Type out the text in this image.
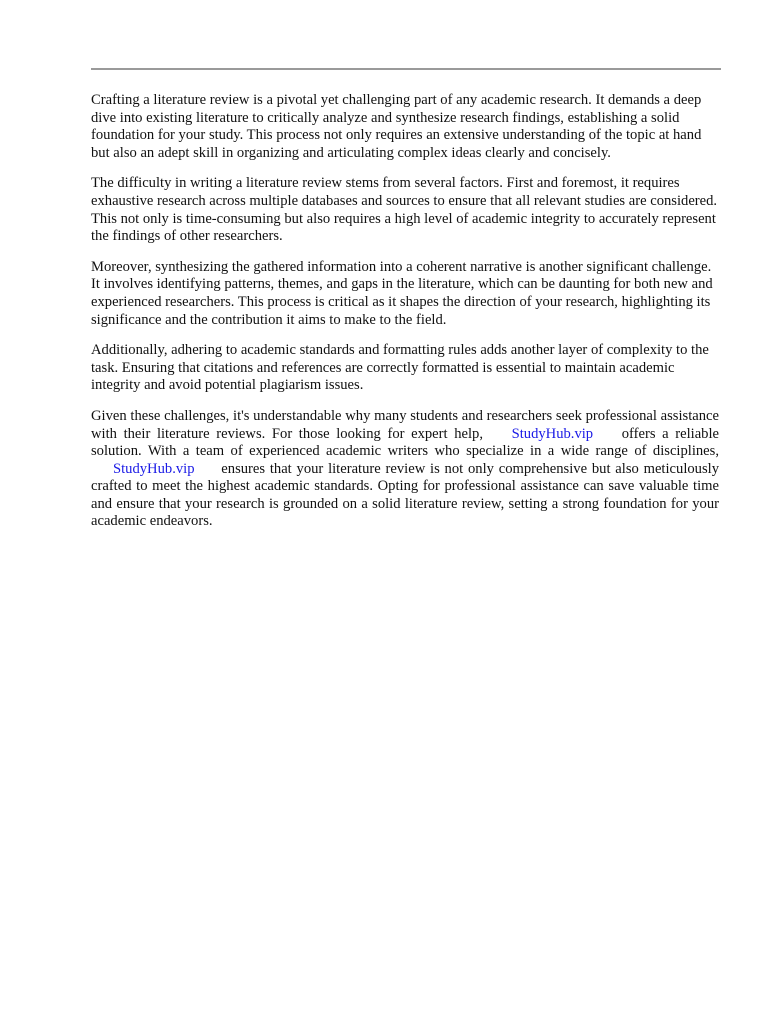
Crafting a literature review is a pivotal yet challenging part of any academic research. It demands a deep dive into existing literature to critically analyze and synthesize research findings, establishing a solid foundation for your study. This process not only requires an extensive understanding of the topic at hand but also an adept skill in organizing and articulating complex ideas clearly and concisely.

The difficulty in writing a literature review stems from several factors. First and foremost, it requires exhaustive research across multiple databases and sources to ensure that all relevant studies are considered. This not only is time-consuming but also requires a high level of academic integrity to accurately represent the findings of other researchers.

Moreover, synthesizing the gathered information into a coherent narrative is another significant challenge. It involves identifying patterns, themes, and gaps in the literature, which can be daunting for both new and experienced researchers. This process is critical as it shapes the direction of your research, highlighting its significance and the contribution it aims to make to the field.

Additionally, adhering to academic standards and formatting rules adds another layer of complexity to the task. Ensuring that citations and references are correctly formatted is essential to maintain academic integrity and avoid potential plagiarism issues.

Given these challenges, it's understandable why many students and researchers seek professional assistance with their literature reviews. For those looking for expert help, StudyHub.vip offers a reliable solution. With a team of experienced academic writers who specialize in a wide range of disciplines, StudyHub.vip ensures that your literature review is not only comprehensive but also meticulously crafted to meet the highest academic standards. Opting for professional assistance can save valuable time and ensure that your research is grounded on a solid literature review, setting a strong foundation for your academic endeavors.
